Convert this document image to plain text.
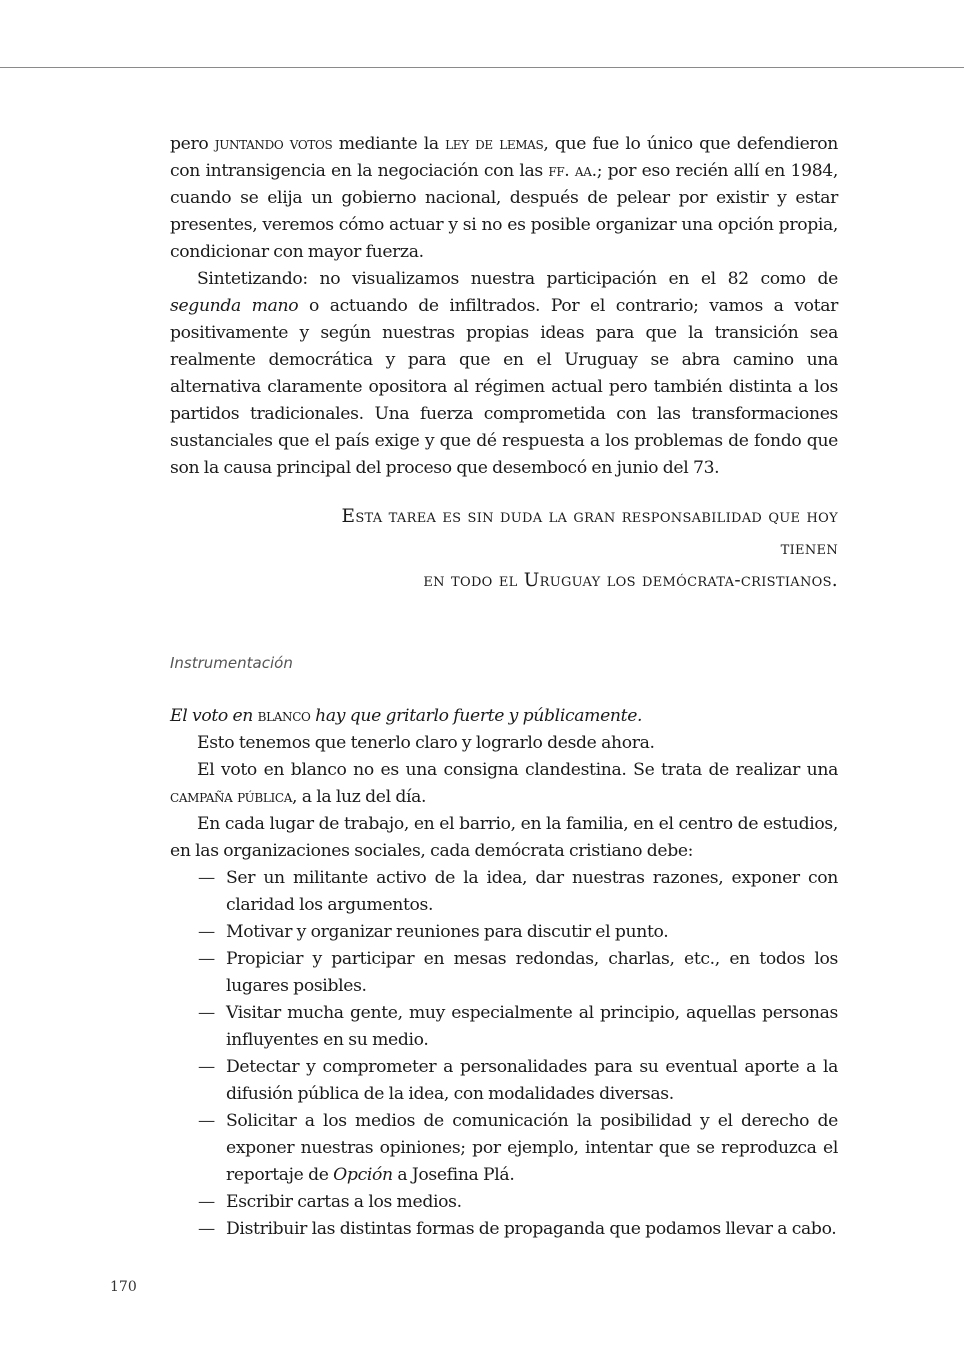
pero juntando votos mediante la ley de lemas, que fue lo único que defendieron con intransigencia en la negociación con las ff. aa.; por eso recién allí en 1984, cuando se elija un gobierno nacional, después de pelear por existir y estar presentes, veremos cómo actuar y si no es posible organizar una opción propia, condicionar con mayor fuerza.

Sintetizando: no visualizamos nuestra participación en el 82 como de segunda mano o actuando de infiltrados. Por el contrario; vamos a votar positivamente y según nuestras propias ideas para que la transición sea realmente democrática y para que en el Uruguay se abra camino una alternativa claramente opositora al régimen actual pero también distinta a los partidos tradicionales. Una fuerza comprometida con las transformaciones sustanciales que el país exige y que dé respuesta a los problemas de fondo que son la causa principal del proceso que desembocó en junio del 73.

Esta tarea es sin duda la gran responsabilidad que hoy
tienen
en todo el Uruguay los demócrata-cristianos.
Instrumentación

El voto en blanco hay que gritarlo fuerte y públicamente.

Esto tenemos que tenerlo claro y lograrlo desde ahora.

El voto en blanco no es una consigna clandestina. Se trata de realizar una campaña pública, a la luz del día.

En cada lugar de trabajo, en el barrio, en la familia, en el centro de estudios, en las organizaciones sociales, cada demócrata cristiano debe:

— Ser un militante activo de la idea, dar nuestras razones, exponer con claridad los argumentos.
— Motivar y organizar reuniones para discutir el punto.
— Propiciar y participar en mesas redondas, charlas, etc., en todos los lugares posibles.
— Visitar mucha gente, muy especialmente al principio, aquellas personas influyentes en su medio.
— Detectar y comprometer a personalidades para su eventual aporte a la difusión pública de la idea, con modalidades diversas.
— Solicitar a los medios de comunicación la posibilidad y el derecho de exponer nuestras opiniones; por ejemplo, intentar que se reproduzca el reportaje de Opción a Josefina Plá.
— Escribir cartas a los medios.
— Distribuir las distintas formas de propaganda que podamos llevar a cabo.
170
